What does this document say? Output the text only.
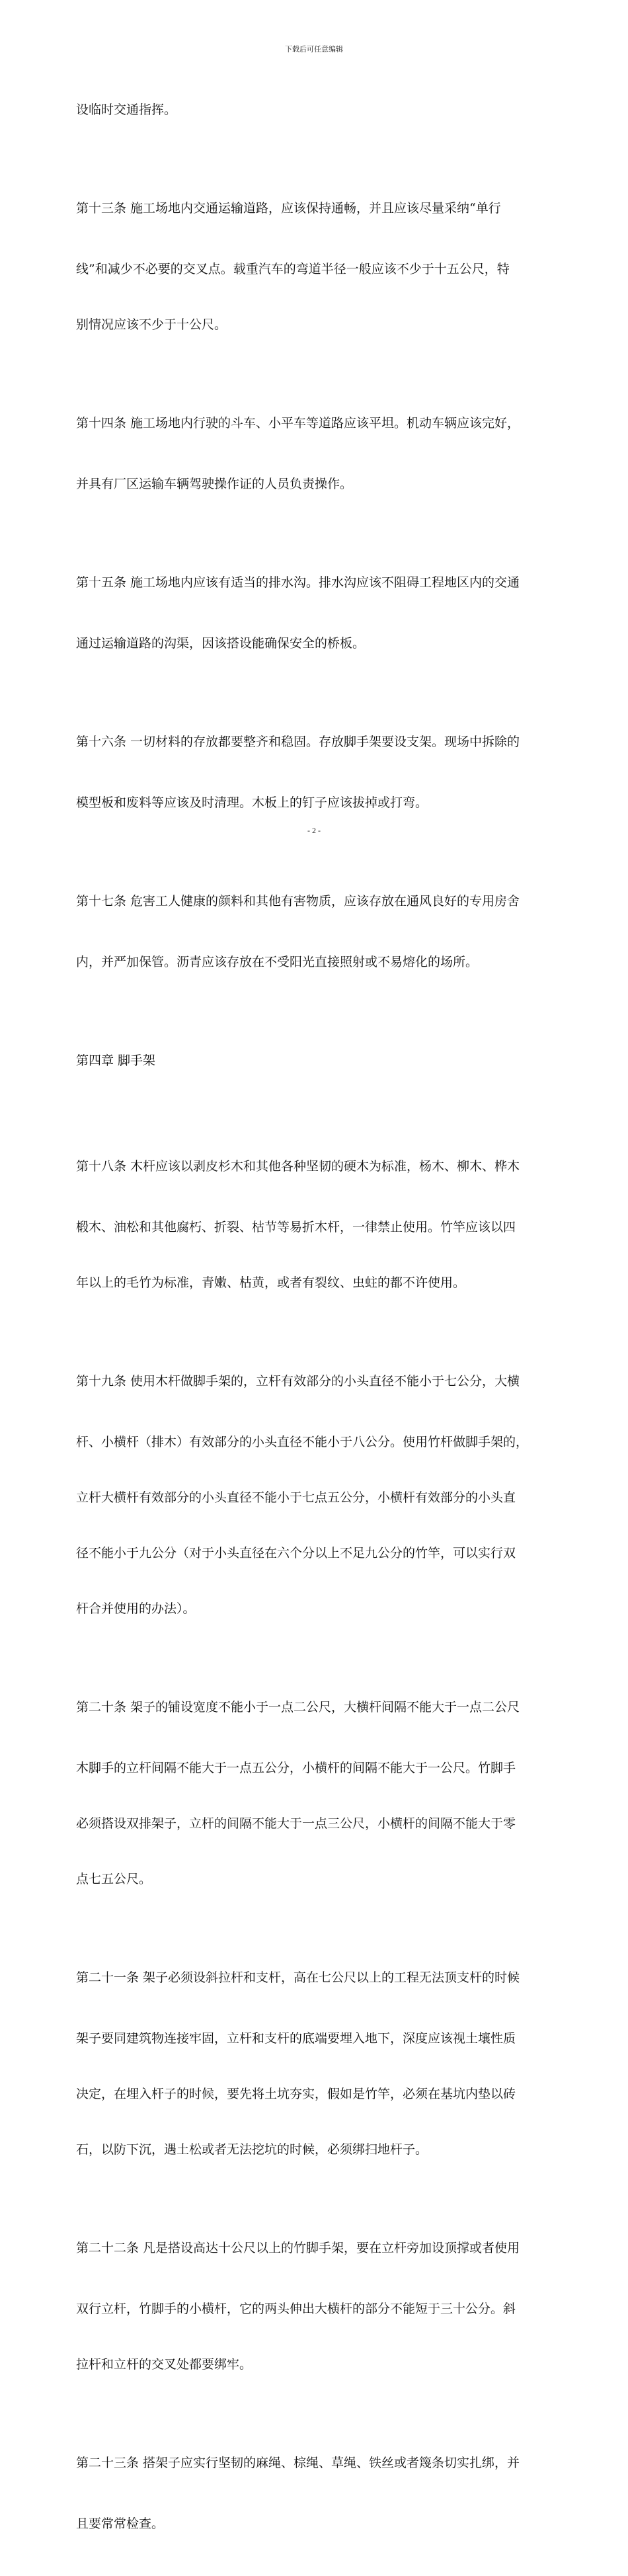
下载后可任意编辑

设临时交通指挥。

第十三条 施工场地内交通运输道路，应该保持通畅，并且应该尽量采纳“单行

线”和减少不必要的交叉点。载重汽车的弯道半径一般应该不少于十五公尺，特

别情况应该不少于十公尺。

第十四条 施工场地内行驶的斗车、小平车等道路应该平坦。机动车辆应该完好，

并具有厂区运输车辆驾驶操作证的人员负责操作。

第十五条 施工场地内应该有适当的排水沟。排水沟应该不阻碍工程地区内的交通

通过运输道路的沟渠，因该搭设能确保安全的桥板。

第十六条 一切材料的存放都要整齐和稳固。存放脚手架要设支架。现场中拆除的

模型板和废料等应该及时清理。木板上的钉子应该拔掉或打弯。

第十七条 危害工人健康的颜料和其他有害物质，应该存放在通风良好的专用房舍

内，并严加保管。沥青应该存放在不受阳光直接照射或不易熔化的场所。

第四章 脚手架

第十八条 木杆应该以剥皮杉木和其他各种坚韧的硬木为标准，杨木、柳木、桦木

椴木、油松和其他腐朽、折裂、枯节等易折木杆，一律禁止使用。竹竿应该以四

年以上的毛竹为标准，青嫩、枯黄，或者有裂纹、虫蛀的都不许使用。

第十九条 使用木杆做脚手架的，立杆有效部分的小头直径不能小于七公分，大横

杆、小横杆（排木）有效部分的小头直径不能小于八公分。使用竹杆做脚手架的，

立杆大横杆有效部分的小头直径不能小于七点五公分，小横杆有效部分的小头直

径不能小于九公分（对于小头直径在六个分以上不足九公分的竹竿，可以实行双

杆合并使用的办法）。

第二十条 架子的铺设宽度不能小于一点二公尺，大横杆间隔不能大于一点二公尺

木脚手的立杆间隔不能大于一点五公分，小横杆的间隔不能大于一公尺。竹脚手

必须搭设双排架子，立杆的间隔不能大于一点三公尺，小横杆的间隔不能大于零

点七五公尺。

第二十一条 架子必须设斜拉杆和支杆，高在七公尺以上的工程无法顶支杆的时候

架子要同建筑物连接牢固，立杆和支杆的底端要埋入地下，深度应该视土壤性质

决定，在埋入杆子的时候，要先将土坑夯实，假如是竹竿，必须在基坑内垫以砖

石，以防下沉，遇土松或者无法挖坑的时候，必须绑扫地杆子。

第二十二条 凡是搭设高达十公尺以上的竹脚手架，要在立杆旁加设顶撑或者使用

双行立杆，竹脚手的小横杆，它的两头伸出大横杆的部分不能短于三十公分。斜

拉杆和立杆的交叉处都要绑牢。

第二十三条 搭架子应实行坚韧的麻绳、棕绳、草绳、铁丝或者篾条切实扎绑，并

且要常常检查。

- 2 -
